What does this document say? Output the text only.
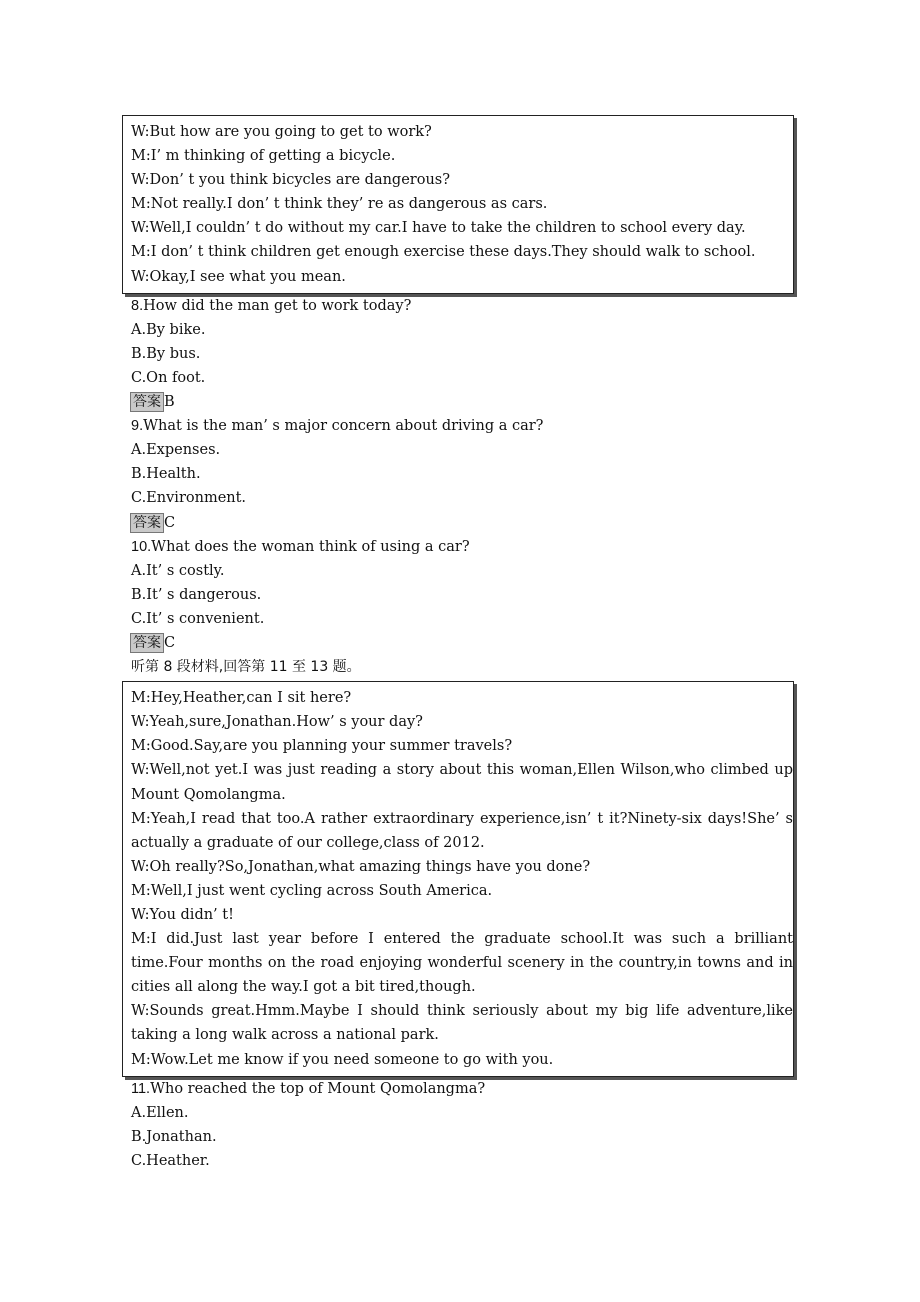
W:But how are you going to get to work?
M:I’ m thinking of getting a bicycle.
W:Don’ t you think bicycles are dangerous?
M:Not really.I don’ t think they’ re as dangerous as cars.
W:Well,I couldn’ t do without my car.I have to take the children to school every day.
M:I don’ t think children get enough exercise these days.They should walk to school.
W:Okay,I see what you mean.
8.How did the man get to work today?
A.By bike.
B.By bus.
C.On foot.
答案 B
9.What is the man’ s major concern about driving a car?
A.Expenses.
B.Health.
C.Environment.
答案 C
10.What does the woman think of using a car?
A.It’ s costly.
B.It’ s dangerous.
C.It’ s convenient.
答案 C
听第 8 段材料,回答第 11 至 13 题。
M:Hey,Heather,can I sit here?
W:Yeah,sure,Jonathan.How’ s your day?
M:Good.Say,are you planning your summer travels?
W:Well,not yet.I was just reading a story about this woman,Ellen Wilson,who climbed up Mount Qomolangma.
M:Yeah,I read that too.A rather extraordinary experience,isn’ t it?Ninety-six days!She’ s actually a graduate of our college,class of 2012.
W:Oh really?So,Jonathan,what amazing things have you done?
M:Well,I just went cycling across South America.
W:You didn’ t!
M:I did.Just last year before I entered the graduate school.It was such a brilliant time.Four months on the road enjoying wonderful scenery in the country,in towns and in cities all along the way.I got a bit tired,though.
W:Sounds great.Hmm.Maybe I should think seriously about my big life adventure,like taking a long walk across a national park.
M:Wow.Let me know if you need someone to go with you.
11.Who reached the top of Mount Qomolangma?
A.Ellen.
B.Jonathan.
C.Heather.
